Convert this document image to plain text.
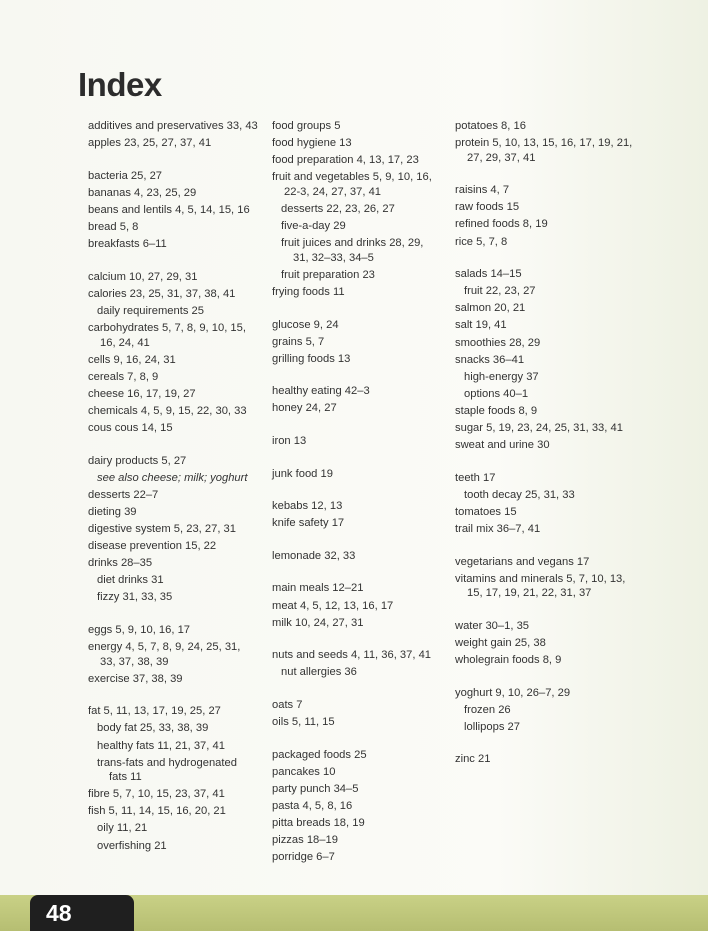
Index
additives and preservatives 33, 43
apples 23, 25, 27, 37, 41
bacteria 25, 27
bananas 4, 23, 25, 29
beans and lentils 4, 5, 14, 15, 16
bread 5, 8
breakfasts 6–11
calcium 10, 27, 29, 31
calories 23, 25, 31, 37, 38, 41
daily requirements 25
carbohydrates 5, 7, 8, 9, 10, 15, 16, 24, 41
cells 9, 16, 24, 31
cereals 7, 8, 9
cheese 16, 17, 19, 27
chemicals 4, 5, 9, 15, 22, 30, 33
cous cous 14, 15
dairy products 5, 27
see also cheese; milk; yoghurt
desserts 22–7
dieting 39
digestive system 5, 23, 27, 31
disease prevention 15, 22
drinks 28–35
diet drinks 31
fizzy 31, 33, 35
eggs 5, 9, 10, 16, 17
energy 4, 5, 7, 8, 9, 24, 25, 31, 33, 37, 38, 39
exercise 37, 38, 39
fat 5, 11, 13, 17, 19, 25, 27
body fat 25, 33, 38, 39
healthy fats 11, 21, 37, 41
trans-fats and hydrogenated fats 11
fibre 5, 7, 10, 15, 23, 37, 41
fish 5, 11, 14, 15, 16, 20, 21
oily 11, 21
overfishing 21
food groups 5
food hygiene 13
food preparation 4, 13, 17, 23
fruit and vegetables 5, 9, 10, 16, 22-3, 24, 27, 37, 41
desserts 22, 23, 26, 27
five-a-day 29
fruit juices and drinks 28, 29, 31, 32–33, 34–5
fruit preparation 23
frying foods 11
glucose 9, 24
grains 5, 7
grilling foods 13
healthy eating 42–3
honey 24, 27
iron 13
junk food 19
kebabs 12, 13
knife safety 17
lemonade 32, 33
main meals 12–21
meat 4, 5, 12, 13, 16, 17
milk 10, 24, 27, 31
nuts and seeds 4, 11, 36, 37, 41
nut allergies 36
oats 7
oils 5, 11, 15
packaged foods 25
pancakes 10
party punch 34–5
pasta 4, 5, 8, 16
pitta breads 18, 19
pizzas 18–19
porridge 6–7
potatoes 8, 16
protein 5, 10, 13, 15, 16, 17, 19, 21, 27, 29, 37, 41
raisins 4, 7
raw foods 15
refined foods 8, 19
rice 5, 7, 8
salads 14–15
fruit 22, 23, 27
salmon 20, 21
salt 19, 41
smoothies 28, 29
snacks 36–41
high-energy 37
options 40–1
staple foods 8, 9
sugar 5, 19, 23, 24, 25, 31, 33, 41
sweat and urine 30
teeth 17
tooth decay 25, 31, 33
tomatoes 15
trail mix 36–7, 41
vegetarians and vegans 17
vitamins and minerals 5, 7, 10, 13, 15, 17, 19, 21, 22, 31, 37
water 30–1, 35
weight gain 25, 38
wholegrain foods 8, 9
yoghurt 9, 10, 26–7, 29
frozen 26
lollipops 27
zinc 21
48
